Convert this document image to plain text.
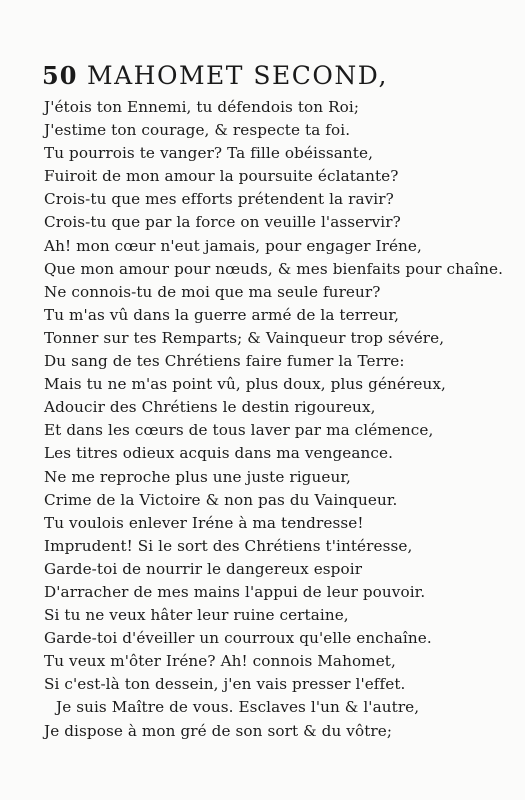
50 MAHOMET SECOND,
J'étois ton Ennemi, tu défendois ton Roi;
J'estime ton courage, & respecte ta foi.
Tu pourrois te vanger? Ta fille obéissante,
Fuiroit de mon amour la poursuite éclatante?
Crois-tu que mes efforts prétendent la ravir?
Crois-tu que par la force on veuille l'asservir?
Ah! mon cœur n'eut jamais, pour engager Iréne,
Que mon amour pour nœuds, & mes bienfaits pour chaîne.
Ne connois-tu de moi que ma seule fureur?
Tu m'as vû dans la guerre armé de la terreur,
Tonner sur tes Remparts; & Vainqueur trop sévére,
Du sang de tes Chrétiens faire fumer la Terre:
Mais tu ne m'as point vû, plus doux, plus généreux,
Adoucir des Chrétiens le destin rigoureux,
Et dans les cœurs de tous laver par ma clémence,
Les titres odieux acquis dans ma vengeance.
Ne me reproche plus une juste rigueur,
Crime de la Victoire & non pas du Vainqueur.
Tu voulois enlever Iréne à ma tendresse!
Imprudent! Si le sort des Chrétiens t'intéresse,
Garde-toi de nourrir le dangereux espoir
D'arracher de mes mains l'appui de leur pouvoir.
Si tu ne veux hâter leur ruine certaine,
Garde-toi d'éveiller un courroux qu'elle enchaîne.
Tu veux m'ôter Iréne? Ah! connois Mahomet,
Si c'est-là ton dessein, j'en vais presser l'effet.
Je suis Maître de vous. Esclaves l'un & l'autre,
Je dispose à mon gré de son sort & du vôtre;
